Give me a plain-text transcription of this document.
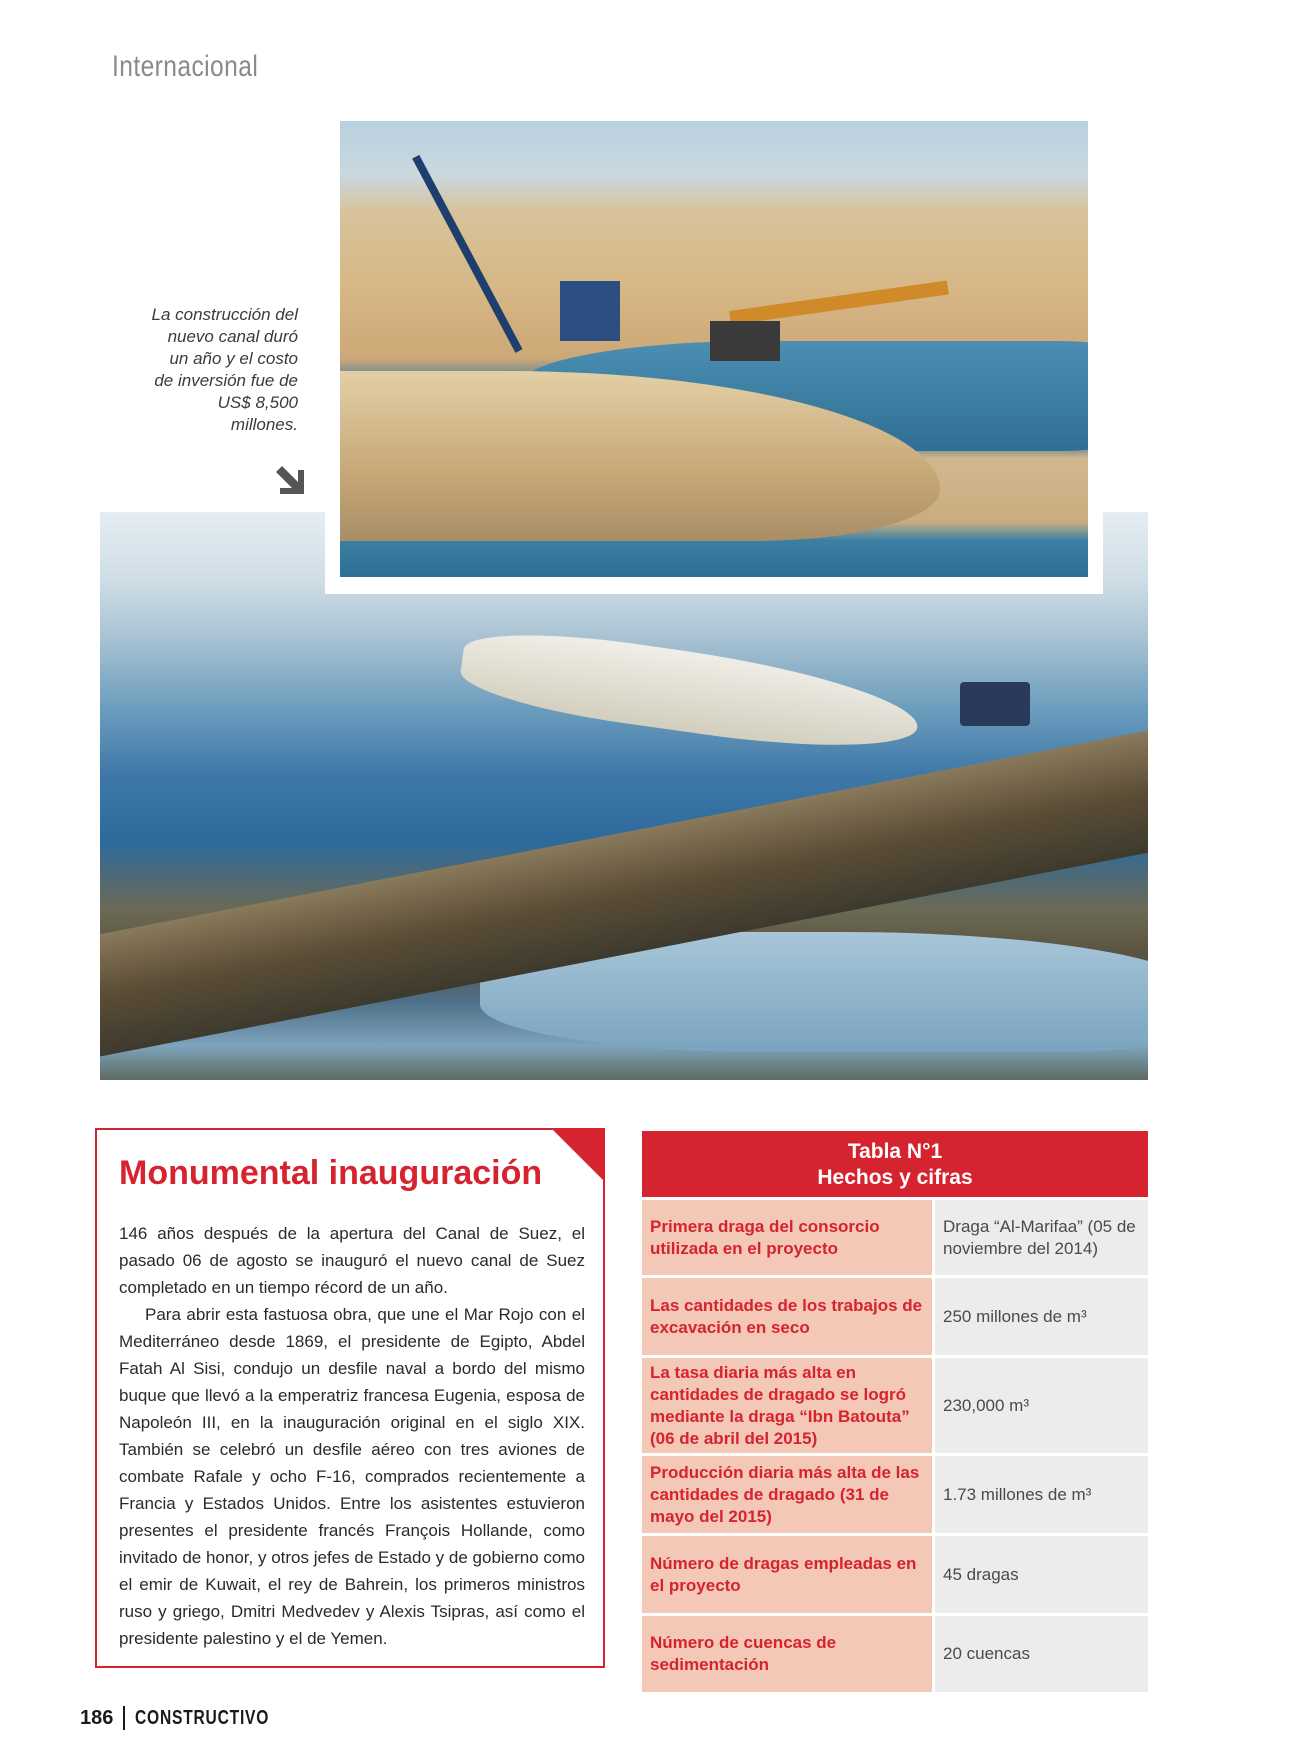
Internacional
La construcción del nuevo canal duró un año y el costo de inversión fue de US$ 8,500 millones.
Monumental inauguración

146 años después de la apertura del Canal de Suez, el pasado 06 de agosto se inauguró el nuevo canal de Suez completado en un tiempo récord de un año.

Para abrir esta fastuosa obra, que une el Mar Rojo con el Mediterráneo desde 1869, el presidente de Egipto, Abdel Fatah Al Sisi, condujo un desfile naval a bordo del mismo buque que llevó a la emperatriz francesa Eugenia, esposa de Napoleón III, en la inauguración original en el siglo XIX. También se celebró un desfile aéreo con tres aviones de combate Rafale y ocho F-16, comprados recientemente a Francia y Estados Unidos. Entre los asistentes estuvieron presentes el presidente francés François Hollande, como invitado de honor, y otros jefes de Estado y de gobierno como el emir de Kuwait, el rey de Bahrein, los primeros ministros ruso y griego, Dmitri Medvedev y Alexis Tsipras, así como el presidente palestino y el de Yemen.

Tabla N°1
Hechos y cifras
Primera draga del consorcio utilizada en el proyecto
Draga “Al-Marifaa” (05 de noviembre del 2014)
Las cantidades de los trabajos de excavación en seco
250 millones de m³
La tasa diaria más alta en cantidades de dragado se logró mediante la draga “Ibn Batouta” (06 de abril del 2015)
230,000 m³
Producción diaria más alta de las cantidades de dragado (31 de mayo del 2015)
1.73 millones de m³
Número de dragas empleadas en el proyecto
45 dragas
Número de cuencas de sedimentación
20 cuencas
186 CONSTRUCTIVO
